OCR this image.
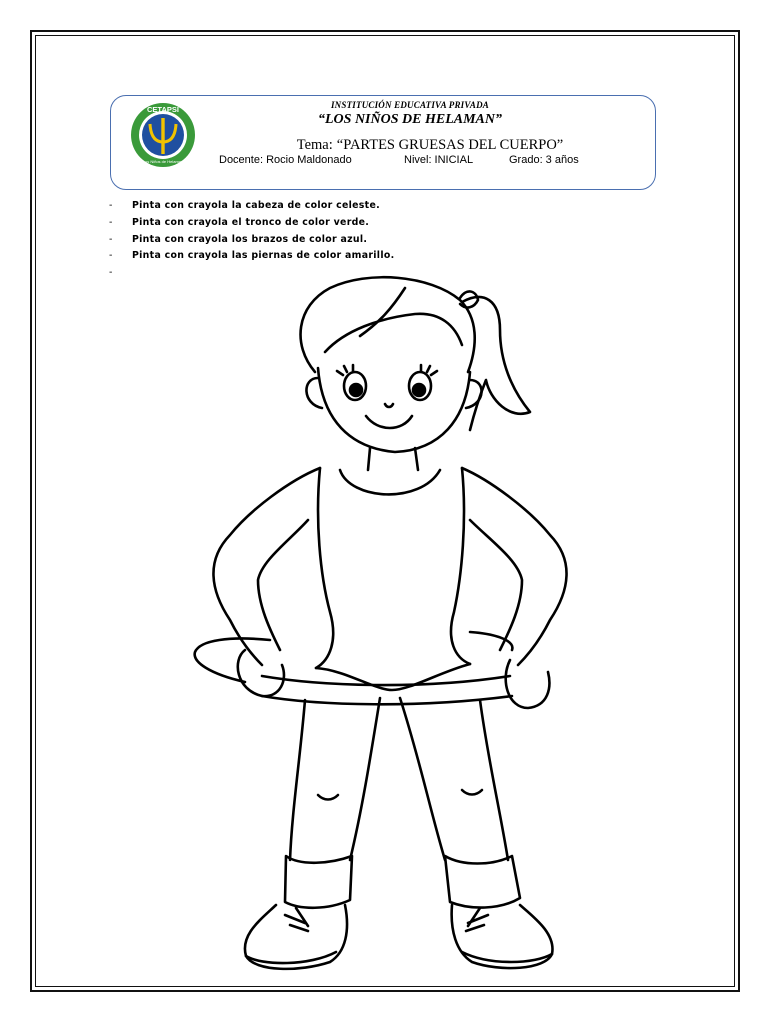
CETAPSI
Los Niños de Helaman
INSTITUCIÓN EDUCATIVA PRIVADA
“LOS NIÑOS DE HELAMAN”
Tema: “PARTES GRUESAS DEL CUERPO”
Docente: Rocio Maldonado	Nivel: INICIAL	Grado: 3 años
- Pinta con crayola la cabeza de color celeste.
- Pinta con crayola el tronco de color verde.
- Pinta con crayola los brazos de color azul.
- Pinta con crayola las piernas de color amarillo.
-
